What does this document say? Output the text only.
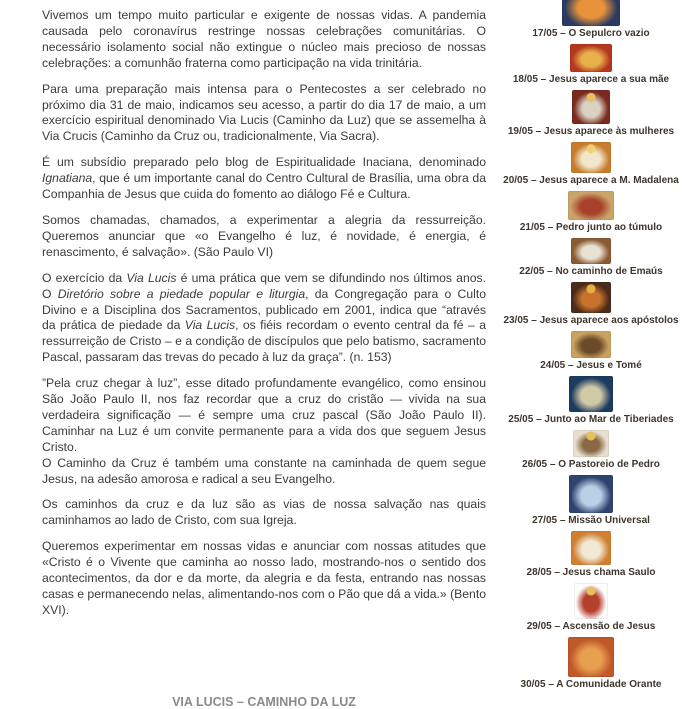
Vivemos um tempo muito particular e exigente de nossas vidas. A pandemia causada pelo coronavírus restringe nossas celebrações comunitárias. O necessário isolamento social não extingue o núcleo mais precioso de nossas celebrações: a comunhão fraterna como participação na vida trinitária.

Para uma preparação mais intensa para o Pentecostes a ser celebrado no próximo dia 31 de maio, indicamos seu acesso, a partir do dia 17 de maio, a um exercício espiritual denominado Via Lucis (Caminho da Luz) que se assemelha à Via Crucis (Caminho da Cruz ou, tradicionalmente, Via Sacra).

É um subsídio preparado pelo blog de Espiritualidade Inaciana, denominado Ignatiana, que é um importante canal do Centro Cultural de Brasília, uma obra da Companhia de Jesus que cuida do fomento ao diálogo Fé e Cultura.

Somos chamadas, chamados, a experimentar a alegria da ressurreição. Queremos anunciar que «o Evangelho é luz, é novidade, é energia, é renascimento, é salvação». (São Paulo VI)

O exercício da Via Lucis é uma prática que vem se difundindo nos últimos anos. O Diretório sobre a piedade popular e liturgia, da Congregação para o Culto Divino e a Disciplina dos Sacramentos, publicado em 2001, indica que “através da prática de piedade da Via Lucis, os fiéis recordam o evento central da fé – a ressurreição de Cristo – e a condição de discípulos que pelo batismo, sacramento Pascal, passaram das trevas do pecado à luz da graça”. (n. 153)

”Pela cruz chegar à luz”, esse ditado profundamente evangélico, como ensinou São João Paulo II, nos faz recordar que a cruz do cristão — vivida na sua verdadeira significação — é sempre uma cruz pascal (São João Paulo II). Caminhar na Luz é um convite permanente para a vida dos que seguem Jesus Cristo.

O Caminho da Cruz é também uma constante na caminhada de quem segue Jesus, na adesão amorosa e radical a seu Evangelho.

Os caminhos da cruz e da luz são as vias de nossa salvação nas quais caminhamos ao lado de Cristo, com sua Igreja.

Queremos experimentar em nossas vidas e anunciar com nossas atitudes que «Cristo é o Vivente que caminha ao nosso lado, mostrando-nos o sentido dos acontecimentos, da dor e da morte, da alegria e da festa, entrando nas nossas casas e permanecendo nelas, alimentando-nos com o Pão que dá a vida.» (Bento XVI).

VIA LUCIS – CAMINHO DA LUZ
17/05 – O Sepulcro vazio
18/05 – Jesus aparece a sua mãe
19/05 – Jesus aparece às mulheres
20/05 – Jesus aparece a M. Madalena
21/05 – Pedro junto ao túmulo
22/05 – No caminho de Emaús
23/05 – Jesus aparece aos apóstolos
24/05 – Jesus e Tomé
25/05 – Junto ao Mar de Tiberiades
26/05 – O Pastoreio de Pedro
27/05 – Missão Universal
28/05 – Jesus chama Saulo
29/05 – Ascensão de Jesus
30/05 – A Comunidade Orante
